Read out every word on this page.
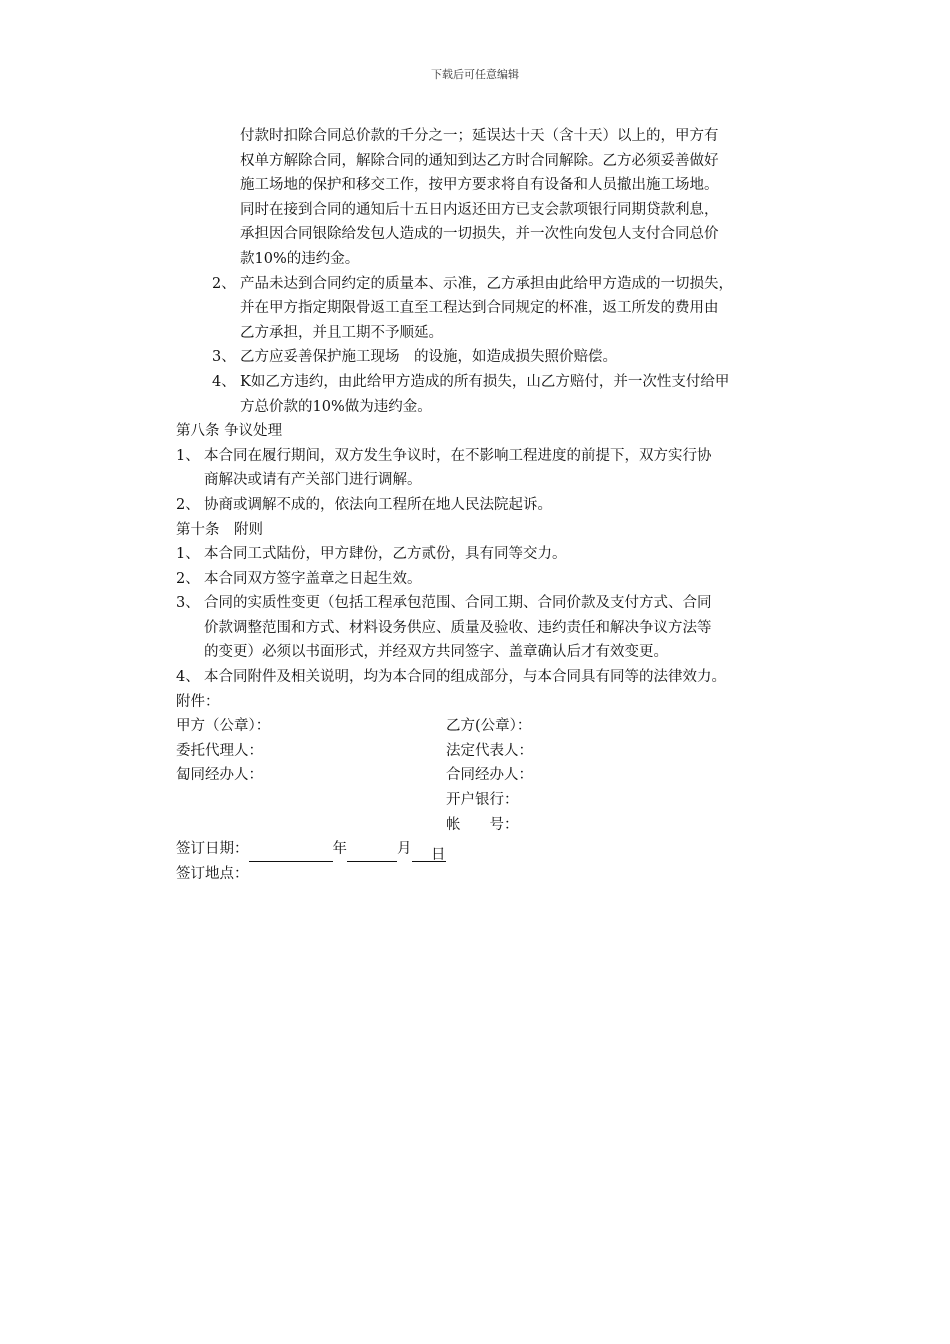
下载后可任意编辑
付款时扣除合同总价款的千分之一；延误达十天（含十天）以上的，甲方有
权单方解除合同，解除合同的通知到达乙方时合同解除。乙方必须妥善做好
施工场地的保护和移交工作，按甲方要求将自有设备和人员撤出施工场地。
同时在接到合同的通知后十五日内返还田方已支会款项银行同期贷款利息，
承担因合同银除给发包人造成的一切损失，并一次性向发包人支付合同总价
款10%的违约金。
2、 产品未达到合同约定的质量本、示准，乙方承担由此给甲方造成的一切损失，
并在甲方指定期限骨返工直至工程达到合同规定的杯准，返工所发的费用由
乙方承担，并且工期不予顺延。
3、 乙方应妥善保护施工现场　的设施，如造成损失照价赔偿。
4、 K如乙方违约，由此给甲方造成的所有损失，山乙方赔付，并一次性支付给甲
方总价款的10%做为违约金。
第八条 争议处理
1、 本合同在履行期间，双方发生争议时，在不影响工程进度的前提下，双方实行协
商解决或请有产关部门进行调解。
2、 协商或调解不成的，依法向工程所在地人民法院起诉。
第十条　附则
1、 本合同工式陆份，甲方肆份，乙方贰份，具有同等交力。
2、 本合同双方签字盖章之日起生效。
3、 合同的实质性变更（包括工程承包范围、合同工期、合同价款及支付方式、合同
价款调整范围和方式、材料设务供应、质量及验收、违约责任和解决争议方法等
的变更）必须以书面形式，并经双方共同签字、盖章确认后才有效变更。
4、 本合同附件及相关说明，均为本合同的组成部分，与本合同具有同等的法律效力。
附件：
甲方（公章）：	乙方(公章）：
委托代理人：	法定代表人：
匐同经办人：	合同经办人：
开户银行：
帐　　号：
签订日期：	年	月 日
签订地点：
